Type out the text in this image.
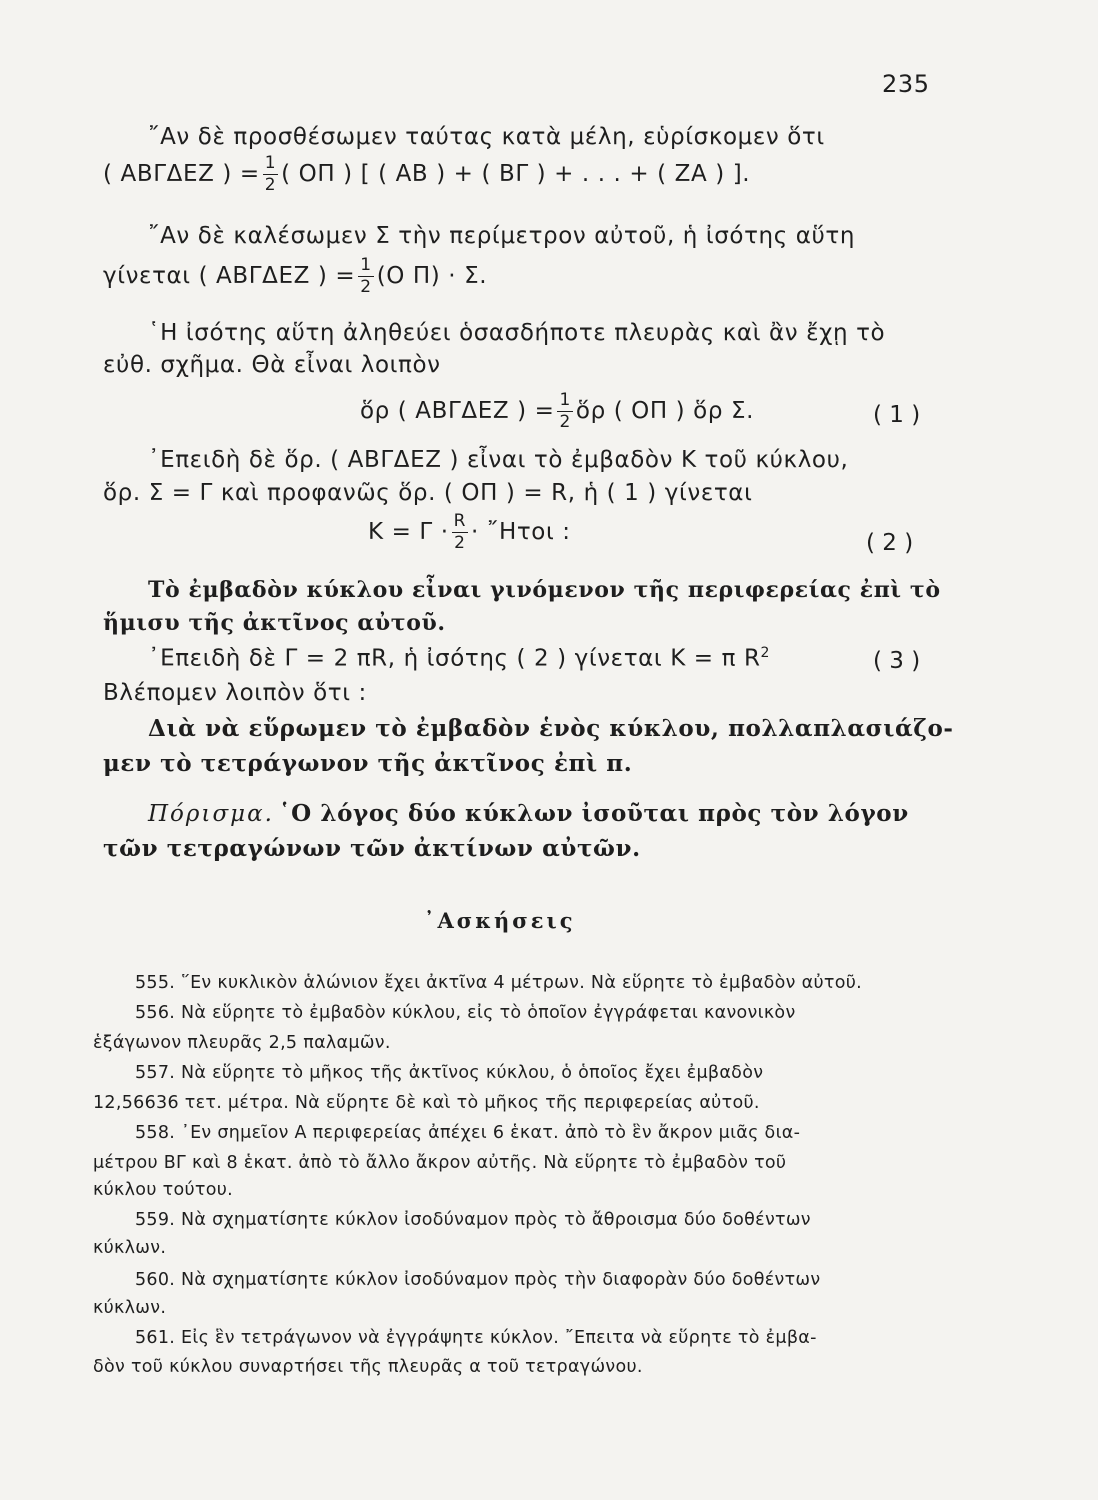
235
῎Αν δὲ προσθέσωμεν ταύτας κατὰ μέλη, εὑρίσκομεν ὅτι
( ΑΒΓΔΕΖ ) = $\frac{1}{2}$ ( ΟΠ ) [ ( ΑΒ ) + ( ΒΓ ) + . . . + ( ΖΑ ) ].
῎Αν δὲ καλέσωμεν Σ τὴν περίμετρον αὐτοῦ, ἡ ἰσότης αὕτη
γίνεται ( ΑΒΓΔΕΖ ) = $\frac{1}{2} (O$ Π) · Σ.
῾Η ἰσότης αὕτη ἀληθεύει ὁσασδήποτε πλευρὰς καὶ ἂν ἔχῃ τὸ
εὐθ. σχῆμα. Θὰ εἶναι λοιπὸν
ὅρ ( ΑΒΓΔΕΖ ) = $\frac{1}{2}$ ὅρ ( ΟΠ ) ὅρ Σ.	( 1 )
᾿Επειδὴ δὲ ὅρ. ( ΑΒΓΔΕΖ ) εἶναι τὸ ἐμβαδὸν Κ τοῦ κύκλου,
ὅρ. Σ = Γ καὶ προφανῶς ὅρ. ( ΟΠ ) = R, ἡ ( 1 ) γίνεται
$K = \Gamma \cdot \frac{R}{2}$ · ῎Ητοι :	( 2 )
Τὸ ἐμβαδὸν κύκλου εἶναι γινόμενον τῆς περιφερείας ἐπὶ τὸ
ἥμισυ τῆς ἀκτῖνος αὐτοῦ.
᾿Επειδὴ δὲ Γ = 2 πR, ἡ ἰσότης ( 2 ) γίνεται Κ = π $R^2$	( 3 )
Βλέπομεν λοιπὸν ὅτι :
Διὰ νὰ εὕρωμεν τὸ ἐμβαδὸν ἑνὸς κύκλου, πολλαπλασιάζο-
μεν τὸ τετράγωνον τῆς ἀκτῖνος ἐπὶ π.
Πόρισμα. ῾Ο λόγος δύο κύκλων ἰσοῦται πρὸς τὸν λόγον
τῶν τετραγώνων τῶν ἀκτίνων αὐτῶν.
᾿Ασκήσεις
555. ῞Εν κυκλικὸν ἁλώνιον ἔχει ἀκτῖνα 4 μέτρων. Νὰ εὕρητε τὸ ἐμβαδὸν αὐτοῦ.
556. Νὰ εὕρητε τὸ ἐμβαδὸν κύκλου, εἰς τὸ ὁποῖον ἐγγράφεται κανονικὸν
ἑξάγωνον πλευρᾶς 2,5 παλαμῶν.
557. Νὰ εὕρητε τὸ μῆκος τῆς ἀκτῖνος κύκλου, ὁ ὁποῖος ἔχει ἐμβαδὸν
12,56636 τετ. μέτρα. Νὰ εὕρητε δὲ καὶ τὸ μῆκος τῆς περιφερείας αὐτοῦ.
558. ᾿Εν σημεῖον Α περιφερείας ἀπέχει 6 ἑκατ. ἀπὸ τὸ ἓν ἄκρον μιᾶς δια-
μέτρου ΒΓ καὶ 8 ἑκατ. ἀπὸ τὸ ἄλλο ἄκρον αὐτῆς. Νὰ εὕρητε τὸ ἐμβαδὸν τοῦ
κύκλου τούτου.
559. Νὰ σχηματίσητε κύκλον ἰσοδύναμον πρὸς τὸ ἄθροισμα δύο δοθέντων
κύκλων.
560. Νὰ σχηματίσητε κύκλον ἰσοδύναμον πρὸς τὴν διαφορὰν δύο δοθέντων
κύκλων.
561. Εἰς ἓν τετράγωνον νὰ ἐγγράψητε κύκλον. ῎Επειτα νὰ εὕρητε τὸ ἐμβα-
δὸν τοῦ κύκλου συναρτήσει τῆς πλευρᾶς α τοῦ τετραγώνου.
